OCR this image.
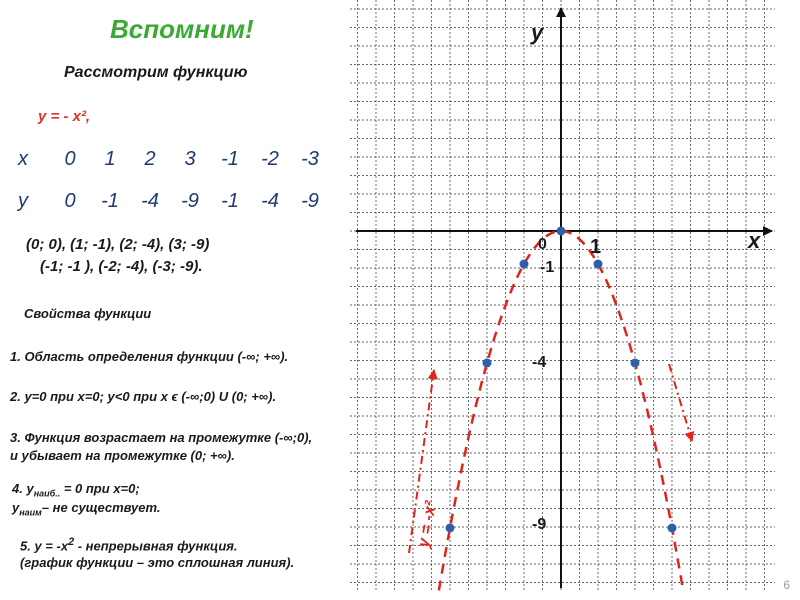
Вспомним!
Рассмотрим функцию
y = - x²,
x	0	1	2	3	-1	-2	-3
y	0	-1	-4	-9	-1	-4	-9
(0; 0), (1; -1), (2; -4), (3; -9)
(-1; -1 ), (-2; -4), (-3; -9).
Свойства функции
1. Область определения функции (-∞; +∞).
2. y=0 при x=0; y<0 при x ϵ (-∞;0) U (0; +∞).
3. Функция возрастает на промежутке (-∞;0),
и убывает на промежутке (0; +∞).
4. $y_{наиб..} = 0$ при x=0;
$y_{наим}-$ не существует.
5. $y = -x^2$ - непрерывная функция.
(график функции – это сплошная линия).
y = -x²
y
x
0 1
-1
-4
-9
6
